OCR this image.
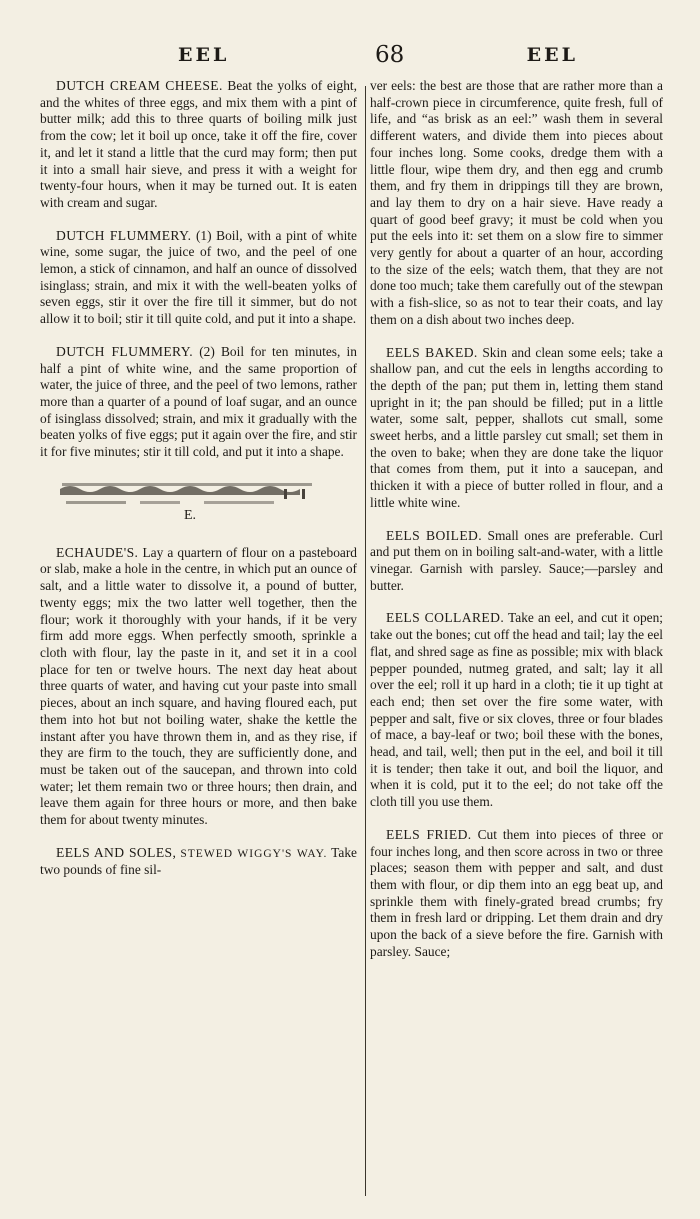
EEL	68	EEL

DUTCH CREAM CHEESE. Beat the yolks of eight, and the whites of three eggs, and mix them with a pint of butter milk; add this to three quarts of boiling milk just from the cow; let it boil up once, take it off the fire, cover it, and let it stand a little that the curd may form; then put it into a small hair sieve, and press it with a weight for twenty-four hours, when it may be turned out. It is eaten with cream and sugar.

DUTCH FLUMMERY. (1) Boil, with a pint of white wine, some sugar, the juice of two, and the peel of one lemon, a stick of cinnamon, and half an ounce of dissolved isinglass; strain, and mix it with the well-beaten yolks of seven eggs, stir it over the fire till it simmer, but do not allow it to boil; stir it till quite cold, and put it into a shape.

DUTCH FLUMMERY. (2) Boil for ten minutes, in half a pint of white wine, and the same proportion of water, the juice of three, and the peel of two lemons, rather more than a quarter of a pound of loaf sugar, and an ounce of isinglass dissolved; strain, and mix it gradually with the beaten yolks of five eggs; put it again over the fire, and stir it for five minutes; stir it till cold, and put it into a shape.

E.

ECHAUDE'S. Lay a quartern of flour on a pasteboard or slab, make a hole in the centre, in which put an ounce of salt, and a little water to dissolve it, a pound of butter, twenty eggs; mix the two latter well together, then the flour; work it thoroughly with your hands, if it be very firm add more eggs. When perfectly smooth, sprinkle a cloth with flour, lay the paste in it, and set it in a cool place for ten or twelve hours. The next day heat about three quarts of water, and having cut your paste into small pieces, about an inch square, and having floured each, put them into hot but not boiling water, shake the kettle the instant after you have thrown them in, and as they rise, if they are firm to the touch, they are sufficiently done, and must be taken out of the saucepan, and thrown into cold water; let them remain two or three hours; then drain, and leave them again for three hours or more, and then bake them for about twenty minutes.

EELS AND SOLES, STEWED WIGGY'S WAY. Take two pounds of fine sil-

ver eels: the best are those that are rather more than a half-crown piece in circumference, quite fresh, full of life, and “as brisk as an eel:” wash them in several different waters, and divide them into pieces about four inches long. Some cooks, dredge them with a little flour, wipe them dry, and then egg and crumb them, and fry them in drippings till they are brown, and lay them to dry on a hair sieve. Have ready a quart of good beef gravy; it must be cold when you put the eels into it: set them on a slow fire to simmer very gently for about a quarter of an hour, according to the size of the eels; watch them, that they are not done too much; take them carefully out of the stewpan with a fish-slice, so as not to tear their coats, and lay them on a dish about two inches deep.

EELS BAKED. Skin and clean some eels; take a shallow pan, and cut the eels in lengths according to the depth of the pan; put them in, letting them stand upright in it; the pan should be filled; put in a little water, some salt, pepper, shallots cut small, some sweet herbs, and a little parsley cut small; set them in the oven to bake; when they are done take the liquor that comes from them, put it into a saucepan, and thicken it with a piece of butter rolled in flour, and a little white wine.

EELS BOILED. Small ones are preferable. Curl and put them on in boiling salt-and-water, with a little vinegar. Garnish with parsley. Sauce;—parsley and butter.

EELS COLLARED. Take an eel, and cut it open; take out the bones; cut off the head and tail; lay the eel flat, and shred sage as fine as possible; mix with black pepper pounded, nutmeg grated, and salt; lay it all over the eel; roll it up hard in a cloth; tie it up tight at each end; then set over the fire some water, with pepper and salt, five or six cloves, three or four blades of mace, a bay-leaf or two; boil these with the bones, head, and tail, well; then put in the eel, and boil it till it is tender; then take it out, and boil the liquor, and when it is cold, put it to the eel; do not take off the cloth till you use them.

EELS FRIED. Cut them into pieces of three or four inches long, and then score across in two or three places; season them with pepper and salt, and dust them with flour, or dip them into an egg beat up, and sprinkle them with finely-grated bread crumbs; fry them in fresh lard or dripping. Let them drain and dry upon the back of a sieve before the fire. Garnish with parsley. Sauce;
